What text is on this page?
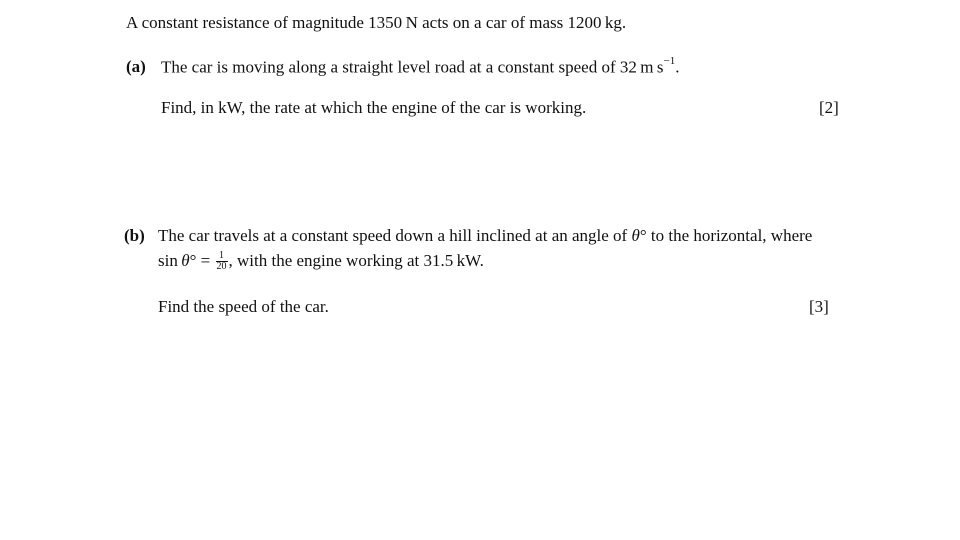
A constant resistance of magnitude 1350 N acts on a car of mass 1200 kg.
(a) The car is moving along a straight level road at a constant speed of 32 m $s^{-1}$.
Find, in kW, the rate at which the engine of the car is working.	[2]
(b) The car travels at a constant speed down a hill inclined at an angle of θ° to the horizontal, where
$\sin \theta^\circ = \frac{1}{20}$ , with the engine working at 31.5 kW.
Find the speed of the car.	[3]
